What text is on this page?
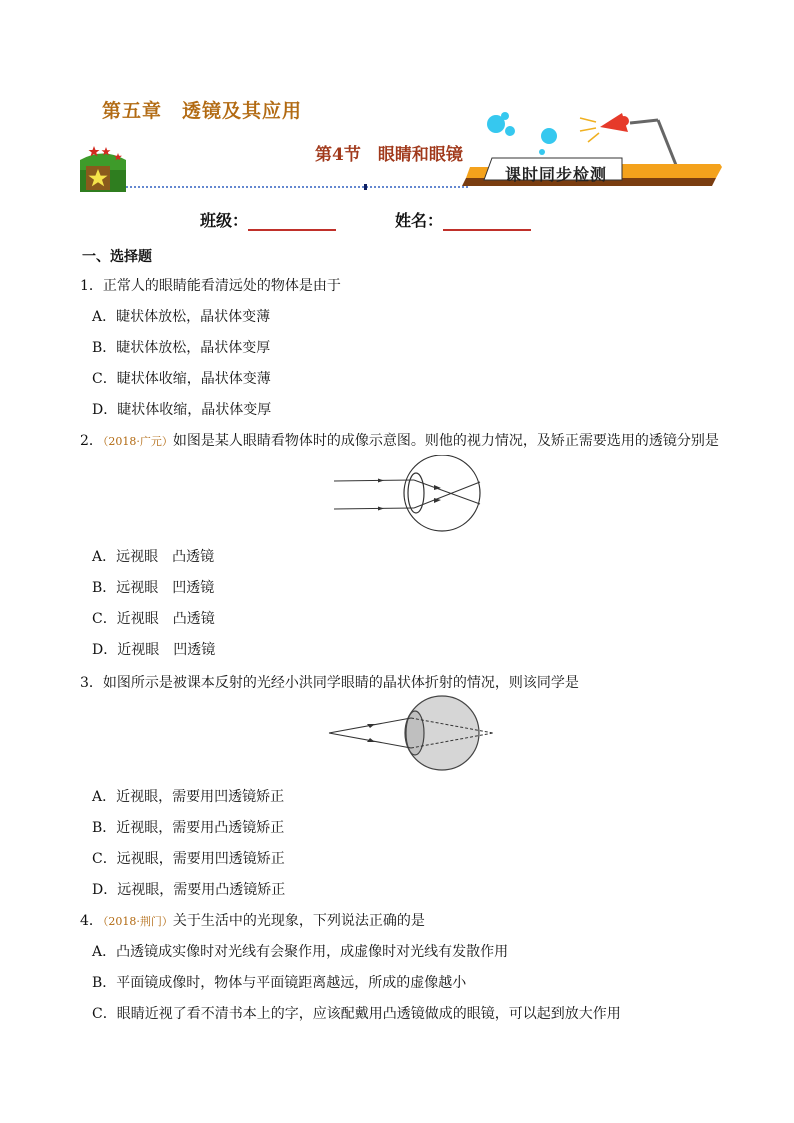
第五章　透镜及其应用
第4节　眼睛和眼镜
课时同步检测
班级：	姓名：
一、选择题
1．正常人的眼睛能看清远处的物体是由于
A．睫状体放松，晶状体变薄
B．睫状体放松，晶状体变厚
C．睫状体收缩，晶状体变薄
D．睫状体收缩，晶状体变厚
2．（2018·广元）如图是某人眼睛看物体时的成像示意图。则他的视力情况，及矫正需要选用的透镜分别是
A．远视眼　凸透镜
B．远视眼　凹透镜
C．近视眼　凸透镜
D．近视眼　凹透镜
3．如图所示是被课本反射的光经小洪同学眼睛的晶状体折射的情况，则该同学是
A．近视眼，需要用凹透镜矫正
B．近视眼，需要用凸透镜矫正
C．远视眼，需要用凹透镜矫正
D．远视眼，需要用凸透镜矫正
4．（2018·荆门）关于生活中的光现象，下列说法正确的是
A．凸透镜成实像时对光线有会聚作用，成虚像时对光线有发散作用
B．平面镜成像时，物体与平面镜距离越远，所成的虚像越小
C．眼睛近视了看不清书本上的字，应该配戴用凸透镜做成的眼镜，可以起到放大作用
